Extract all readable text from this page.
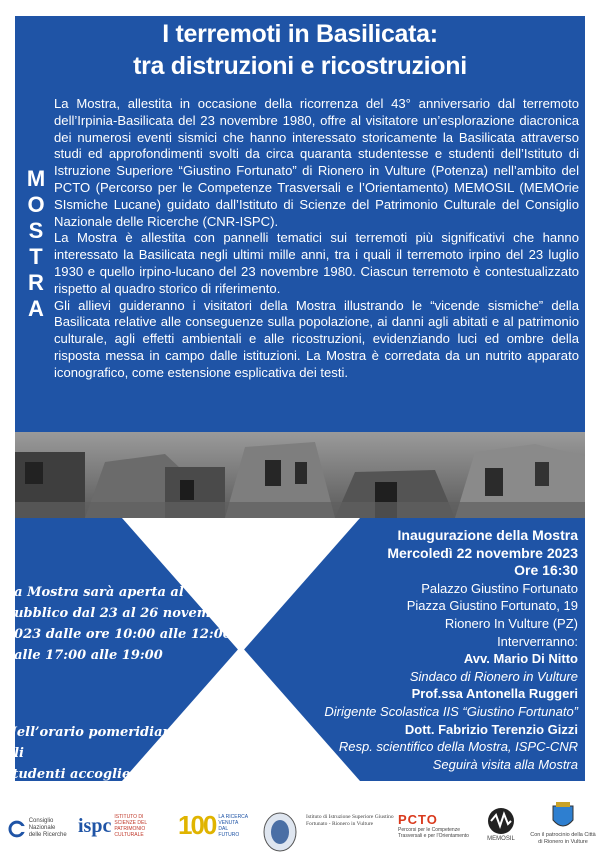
I terremoti in Basilicata:
tra distruzioni e ricostruzioni
M
O
S
T
R
A

La Mostra, allestita in occasione della ricorrenza del 43° anniversario dal terremoto dell’Irpinia-Basilicata del 23 novembre 1980, offre al visitatore un’esplorazione diacronica dei numerosi eventi sismici che hanno interessato storicamente la Basilicata attraverso studi ed approfondimenti svolti da circa quaranta studentesse e studenti dell’Istituto di Istruzione Superiore “Giustino Fortunato” di Rionero in Vulture (Potenza) nell’ambito del PCTO (Percorso per le Competenze Trasversali e l’Orientamento) MEMOSIL (MEMOrie SIsmiche Lucane) guidato dall’Istituto di Scienze del Patrimonio Culturale del Consiglio Nazionale delle Ricerche (CNR-ISPC).

La Mostra è allestita con pannelli tematici sui terremoti più significativi che hanno interessato la Basilicata negli ultimi mille anni, tra i quali il terremoto irpino del 23 luglio 1930 e quello irpino-lucano del 23 novembre 1980. Ciascun terremoto è contestualizzato rispetto al quadro storico di riferimento.

Gli allievi guideranno i visitatori della Mostra illustrando le “vicende sismiche” della Basilicata relative alle conseguenze sulla popolazione, ai danni agli abitati e al patrimonio culturale, agli effetti ambientali e alle ricostruzioni, evidenziando luci ed ombre della risposta messa in campo dalle istituzioni. La Mostra è corredata da un nutrito apparato iconografico, come estensione esplicativa dei testi.

La Mostra sarà aperta al

pubblico dal 23 al 26 novembre

2023 dalle ore 10:00 alle 12:00 e

dalle 17:00 alle 19:00

Nell’orario pomeridiano gli

studenti accoglieranno e

guideranno i visitatori

Inaugurazione della Mostra
Mercoledì 22 novembre 2023
Ore 16:30
Palazzo Giustino Fortunato
Piazza Giustino Fortunato, 19
Rionero In Vulture (PZ)
Interverranno:
Avv. Mario Di Nitto
Sindaco di Rionero in Vulture
Prof.ssa Antonella Ruggeri
Dirigente Scolastica IIS “Giustino Fortunato”
Dott. Fabrizio Terenzio Gizzi
Resp. scientifico della Mostra, ISPC-CNR
Seguirà visita alla Mostra
Consiglio Nazionale delle Ricerche ispc ISTITUTO DI SCIENZE DEL PATRIMONIO CULTURALE	100 LA RICERCA VENUTA DAL FUTURO
Istituto di Istruzione Superiore Giustino Fortunato - Rionero in Vulture	PCTO
Percorsi per le Competenze Trasversali e per l’Orientamento	MEMOSIL
Con il patrocinio della Città di Rionero in Vulture
